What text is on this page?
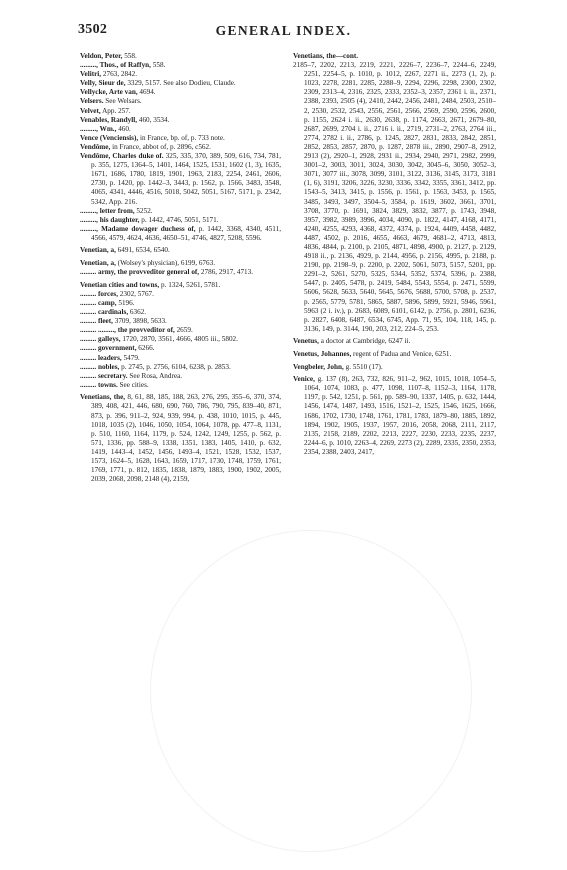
3502	GENERAL INDEX.
Veldon, Peter, 558.
........., Thos., of Raffyn, 558.
Velitri, 2763, 2842.
Velly, Sieur de, 3329, 5157. See also Dodieu, Claude.
Vellycke, Arte van, 4694.
Velsers. See Welsars.
Velvet, App. 257.
Venables, Randyll, 460, 3534.
........., Wm., 460.
Vence (Venciensis), in France, bp. of, p. 733 note.
Vendôme, in France, abbot of, p. 2896, c562.
Vendôme, Charles duke of. 325, 335, 370, 389, 509, 616, 734, 781, p. 355, 1275, 1364–5, 1401, 1464, 1525, 1531, 1602 (1, 3), 1635, 1671, 1686, 1780, 1819, 1901, 1963, 2183, 2254, 2461, 2606, 2730, p. 1420, pp. 1442–3, 3443, p. 1562, p. 1566, 3483, 3548, 4065, 4341, 4446, 4516, 5018, 5042, 5051, 5167, 5171, p. 2342, 5342, App. 216.
........., letter from, 5252.
........., his daughter, p. 1442, 4746, 5051, 5171.
........., Madame dowager duchess of, p. 1442, 3368, 4340, 4511, 4566, 4579, 4624, 4636, 4650–51, 4746, 4827, 5208, 5596.
Venetian, a, 6491, 6534, 6540.
Venetian, a, (Wolsey's physician), 6199, 6763.
......... army, the provveditor general of, 2786, 2917, 4713.
Venetian cities and towns, p. 1324, 5261, 5781.
......... forces, 2302, 5767.
......... camp, 5196.
......... cardinals, 6362.
......... fleet, 3709, 3898, 5633.
......... ........., the provveditor of, 2659.
......... galleys, 1720, 2870, 3561, 4666, 4805 iii., 5802.
......... government, 6266.
......... leaders, 5479.
......... nobles, p. 2745, p. 2756, 6104, 6238, p. 2853.
......... secretary. See Rosa, Andrea.
......... towns. See cities.
Venetians, the, 8, 61, 88, 185, 188, 263, 276, 295, 355–6, 370, 374, 389, 408, 421, 446, 680, 690, 760, 786, 790, 795, 839–40, 871, 873, p. 396, 911–2, 924, 939, 994, p. 438, 1010, 1015, p. 445, 1018, 1035 (2), 1046, 1050, 1054, 1064, 1078, pp. 477–8, 1131, p. 510, 1160, 1164, 1179, p. 524, 1242, 1249, 1255, p. 562, p. 571, 1336, pp. 588–9, 1338, 1351, 1383, 1405, 1410, p. 632, 1419, 1443–4, 1452, 1456, 1493–4, 1521, 1528, 1532, 1537, 1573, 1624–5, 1628, 1643, 1659, 1717, 1730, 1748, 1759, 1761, 1769, 1771, p. 812, 1835, 1838, 1879, 1883, 1900, 1902, 2005, 2039, 2068, 2098, 2148 (4), 2159,
Venetians, the—cont.
2185–7, 2202, 2213, 2219, 2221, 2226–7, 2236–7, 2244–6, 2249, 2251, 2254–5, p. 1010, p. 1012, 2267, 2271 ii., 2273 (1, 2), p. 1023, 2278, 2281, 2285, 2288–9, 2294, 2296, 2298, 2300, 2302, 2309, 2313–4, 2316, 2325, 2333, 2352–3, 2357, 2361 i. ii., 2371, 2388, 2393, 2505 (4), 2410, 2442, 2456, 2481, 2484, 2503, 2510–2, 2530, 2532, 2543, 2556, 2561, 2566, 2569, 2590, 2596, 2600, p. 1155, 2624 i. ii., 2630, 2638, p. 1174, 2663, 2671, 2679–80, 2687, 2699, 2704 i. ii., 2716 i. ii., 2719, 2731–2, 2763, 2764 iii., 2774, 2782 i. ii., 2786, p. 1245, 2827, 2831, 2833, 2842, 2851, 2852, 2853, 2857, 2870, p. 1287, 2878 iii., 2890, 2907–8, 2912, 2913 (2), 2920–1, 2928, 2931 ii., 2934, 2940, 2971, 2982, 2999, 3001–2, 3003, 3011, 3024, 3030, 3042, 3045–6, 3050, 3052–3, 3071, 3077 iii., 3078, 3099, 3101, 3122, 3136, 3145, 3173, 3181 (1, 6), 3191, 3206, 3226, 3230, 3336, 3342, 3355, 3361, 3412, pp. 1543–5, 3413, 3415, p. 1556, p. 1561, p. 1563, 3453, p. 1565, 3485, 3493, 3497, 3504–5, 3584, p. 1619, 3602, 3661, 3701, 3708, 3770, p. 1691, 3824, 3829, 3832, 3877, p. 1743, 3948, 3957, 3982, 3989, 3996, 4034, 4090, p. 1822, 4147, 4168, 4171, 4240, 4255, 4293, 4368, 4372, 4374, p. 1924, 4409, 4458, 4482, 4487, 4502, p. 2016, 4655, 4663, 4679, 4681–2, 4713, 4813, 4836, 4844, p. 2100, p. 2105, 4871, 4898, 4900, p. 2127, p. 2129, 4918 ii., p. 2136, 4929, p. 2144, 4956, p. 2156, 4995, p. 2188, p. 2190, pp. 2198–9, p. 2200, p. 2202, 5061, 5073, 5157, 5201, pp. 2291–2, 5261, 5270, 5325, 5344, 5352, 5374, 5396, p. 2388, 5447, p. 2405, 5478, p. 2419, 5484, 5543, 5554, p. 2471, 5599, 5606, 5628, 5633, 5640, 5645, 5676, 5688, 5700, 5708, p. 2537, p. 2565, 5779, 5781, 5865, 5887, 5896, 5899, 5921, 5946, 5961, 5963 (2 i. iv.), p. 2683, 6089, 6101, 6142, p. 2756, p. 2801, 6236, p. 2827, 6408, 6487, 6534, 6745, App. 71, 95, 104, 118, 145, p. 3136, 149, p. 3144, 190, 203, 212, 224–5, 253.
Venetus, a doctor at Cambridge, 6247 ii.
Venetus, Johannes, regent of Padua and Venice, 6251.
Vengbeler, John, g. 5510 (17).
Venice, g. 137 (8), 263, 732, 826, 911–2, 962, 1015, 1018, 1054–5, 1064, 1074, 1083, p. 477, 1098, 1107–8, 1152–3, 1164, 1178, 1197, p. 542, 1251, p. 561, pp. 589–90, 1337, 1405, p. 632, 1444, 1456, 1474, 1487, 1493, 1516, 1521–2, 1525, 1546, 1625, 1666, 1686, 1702, 1730, 1748, 1761, 1781, 1783, 1879–80, 1885, 1892, 1894, 1902, 1905, 1937, 1957, 2016, 2058, 2068, 2111, 2117, 2135, 2158, 2189, 2202, 2213, 2227, 2230, 2233, 2235, 2237, 2244–6, p. 1010, 2263–4, 2269, 2273 (2), 2289, 2335, 2350, 2353, 2354, 2388, 2403, 2417,
